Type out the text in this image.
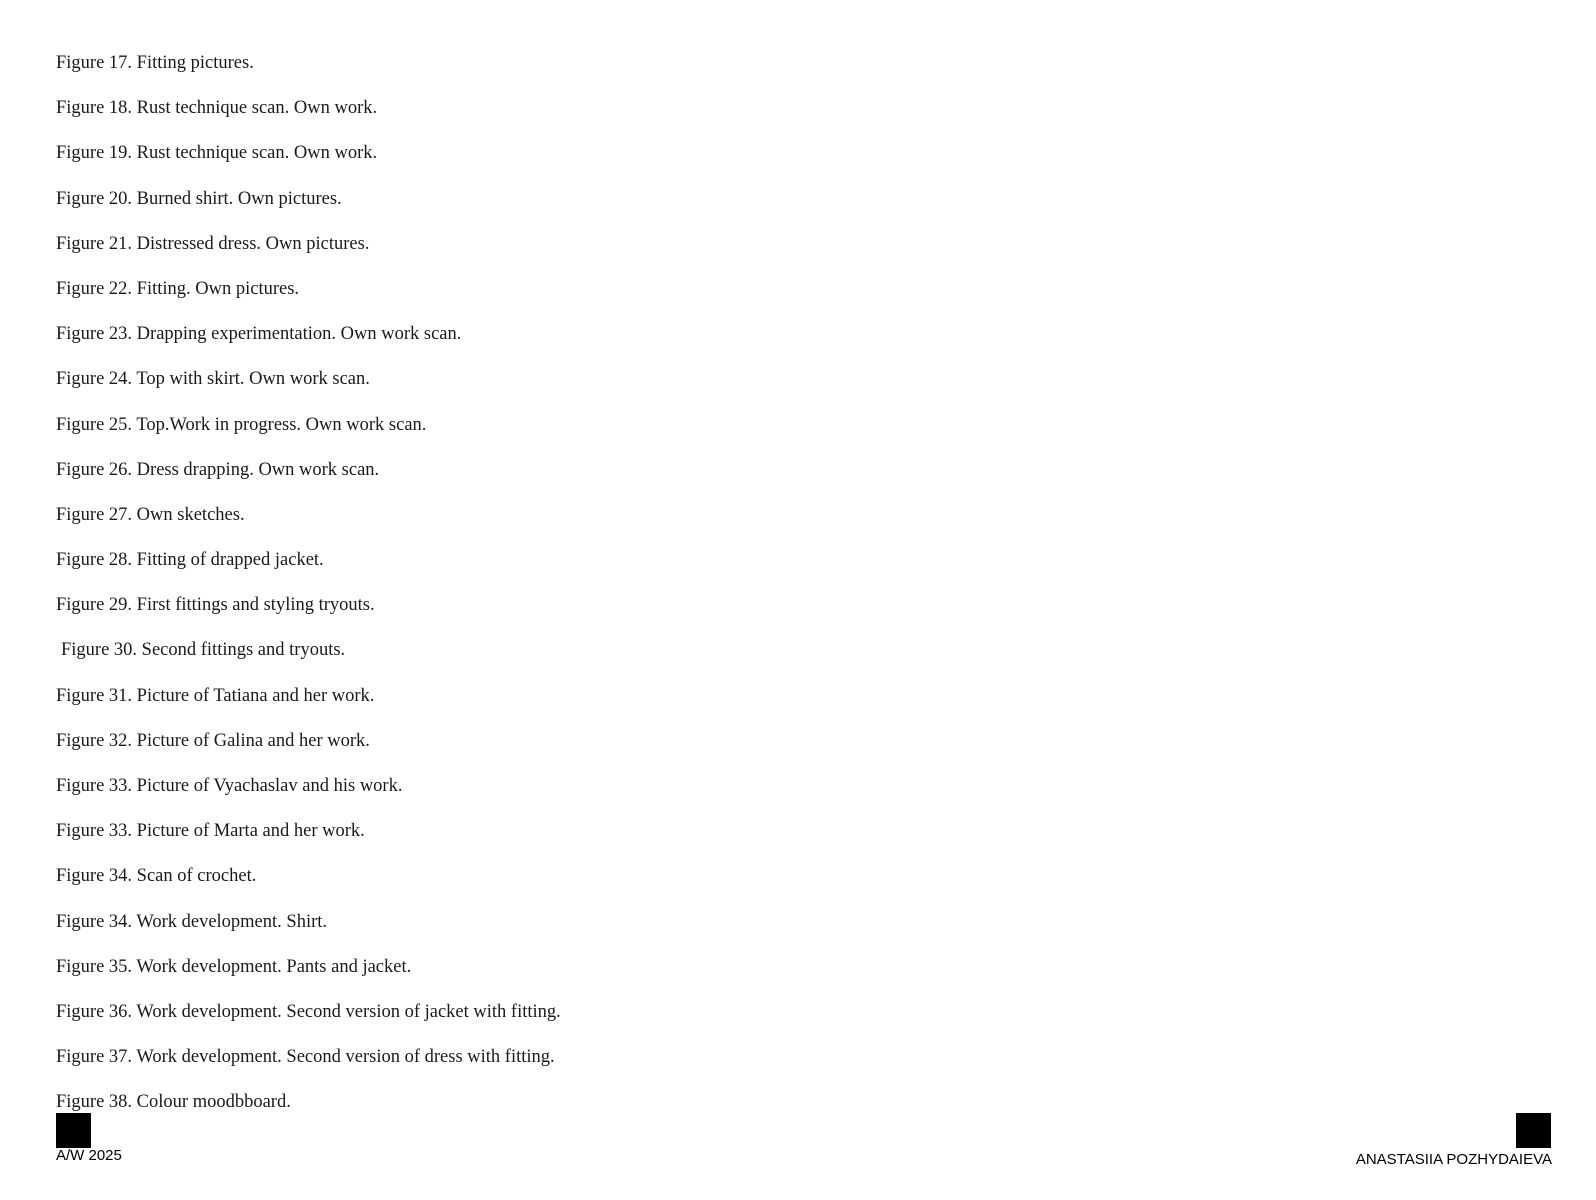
Figure 17. Fitting pictures.
Figure 18. Rust technique scan. Own work.
Figure 19. Rust technique scan. Own work.
Figure 20. Burned shirt. Own pictures.
Figure 21. Distressed dress. Own pictures.
Figure 22. Fitting. Own pictures.
Figure 23. Drapping experimentation. Own work scan.
Figure 24. Top with skirt. Own work scan.
Figure 25. Top.Work in progress. Own work scan.
Figure 26. Dress drapping. Own work scan.
Figure 27. Own sketches.
Figure 28. Fitting of drapped jacket.
Figure 29. First fittings and styling tryouts.
Figure 30. Second fittings and tryouts.
Figure 31. Picture of Tatiana and her work.
Figure 32. Picture of Galina and her work.
Figure 33. Picture of Vyachaslav and his work.
Figure 33. Picture of Marta and her work.
Figure 34. Scan of crochet.
Figure 34. Work development. Shirt.
Figure 35. Work development. Pants and jacket.
Figure 36. Work development. Second version of jacket with fitting.
Figure 37. Work development. Second version of dress with fitting.
Figure 38. Colour moodbboard.
A/W 2025	ANASTASIIA POZHYDAIEVA
